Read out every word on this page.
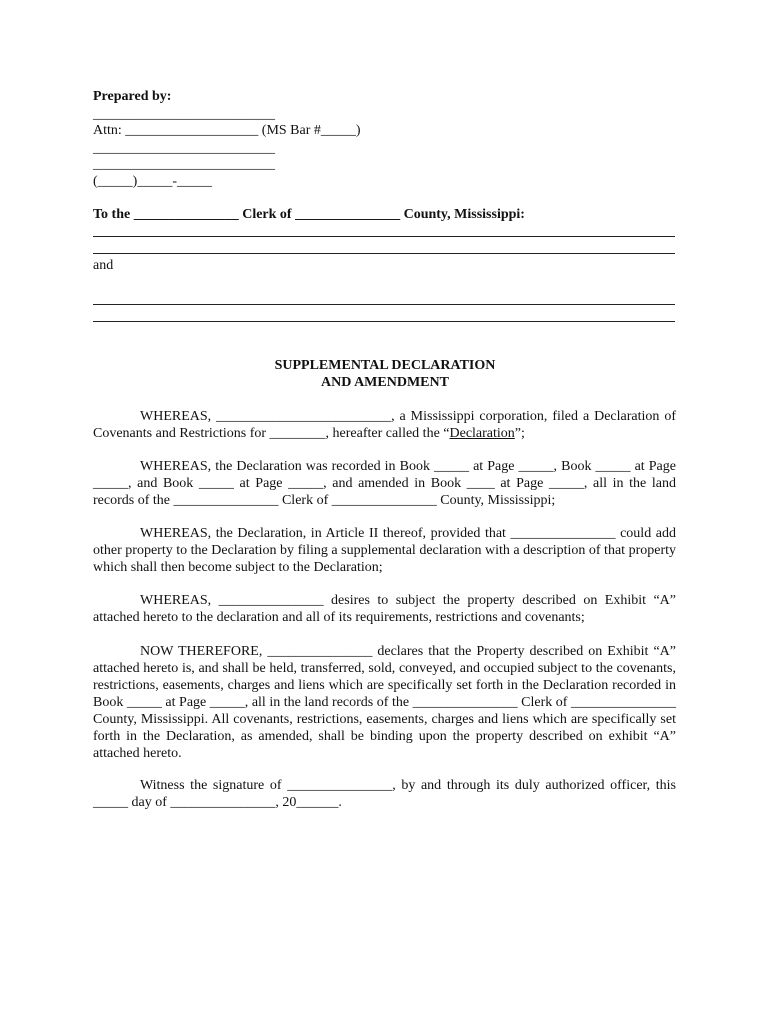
Prepared by:
__________________________
Attn: ___________________ (MS Bar #_____)
__________________________
__________________________
(_____)_____-_____
To the _______________ Clerk of _______________ County, Mississippi:
and
SUPPLEMENTAL DECLARATION
AND AMENDMENT

WHEREAS, _________________________, a Mississippi corporation, filed a Declaration of Covenants and Restrictions for ________, hereafter called the “Declaration”;

WHEREAS, the Declaration was recorded in Book _____ at Page _____, Book _____ at Page _____, and Book _____ at Page _____, and amended in Book ____ at Page _____, all in the land records of the _______________ Clerk of _______________ County, Mississippi;

WHEREAS, the Declaration, in Article II thereof, provided that _______________ could add other property to the Declaration by filing a supplemental declaration with a description of that property which shall then become subject to the Declaration;

WHEREAS, _______________ desires to subject the property described on Exhibit “A” attached hereto to the declaration and all of its requirements, restrictions and covenants;

NOW THEREFORE, _______________ declares that the Property described on Exhibit “A” attached hereto is, and shall be held, transferred, sold, conveyed, and occupied subject to the covenants, restrictions, easements, charges and liens which are specifically set forth in the Declaration recorded in Book _____ at Page _____, all in the land records of the _______________ Clerk of _______________ County, Mississippi. All covenants, restrictions, easements, charges and liens which are specifically set forth in the Declaration, as amended, shall be binding upon the property described on exhibit “A” attached hereto.

Witness the signature of _______________, by and through its duly authorized officer, this _____ day of _______________, 20______.
